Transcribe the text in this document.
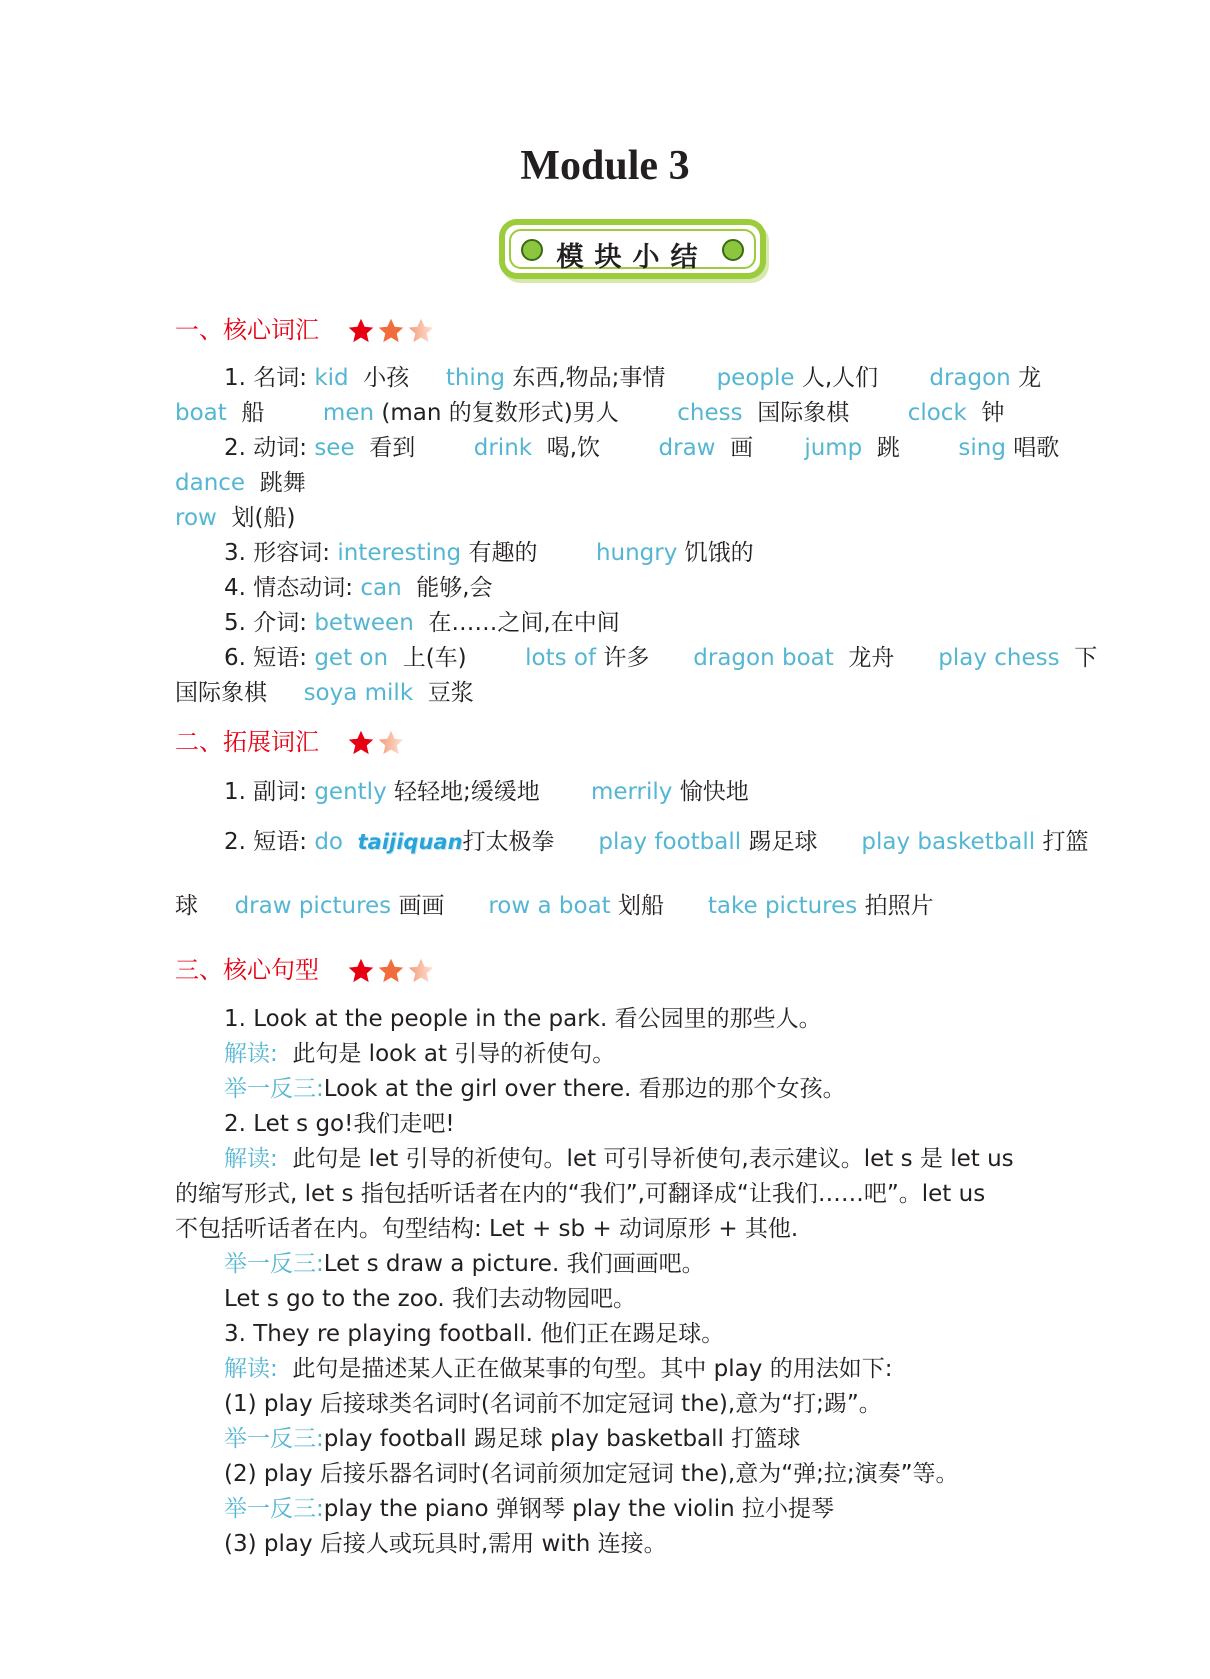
Module 3
模块小结
一、核心词汇
1. 名词: kid 小孩 thing 东西,物品;事情 people 人,人们 dragon 龙
boat 船	men (man 的复数形式)男人	chess 国际象棋	clock 钟
2. 动词: see 看到	drink 喝,饮	draw 画 jump 跳	sing 唱歌
dance 跳舞
row 划(船)
3. 形容词: interesting 有趣的	hungry 饥饿的
4. 情态动词: can 能够,会
5. 介词: between 在……之间,在中间
6. 短语: get on 上(车)	lots of 许多 dragon boat 龙舟 play chess 下
国际象棋 soya milk 豆浆
二、拓展词汇
1. 副词: gently 轻轻地;缓缓地 merrily 愉快地
2. 短语: do taijiquan打太极拳 play football 踢足球 play basketball 打篮
球 draw pictures 画画 row a boat 划船 take pictures 拍照片
三、核心句型
1. Look at the people in the park. 看公园里的那些人。
解读: 此句是 look at 引导的祈使句。
举一反三:Look at the girl over there. 看那边的那个女孩。
2. Let s go!我们走吧!
解读: 此句是 let 引导的祈使句。let 可引导祈使句,表示建议。let s 是 let us
的缩写形式, let s 指包括听话者在内的“我们”,可翻译成“让我们……吧”。let us
不包括听话者在内。句型结构: Let + sb + 动词原形 + 其他.
举一反三:Let s draw a picture. 我们画画吧。
Let s go to the zoo. 我们去动物园吧。
3. They re playing football. 他们正在踢足球。
解读: 此句是描述某人正在做某事的句型。其中 play 的用法如下:
(1) play 后接球类名词时(名词前不加定冠词 the),意为“打;踢”。
举一反三:play football 踢足球 play basketball 打篮球
(2) play 后接乐器名词时(名词前须加定冠词 the),意为“弹;拉;演奏”等。
举一反三:play the piano 弹钢琴 play the violin 拉小提琴
(3) play 后接人或玩具时,需用 with 连接。
